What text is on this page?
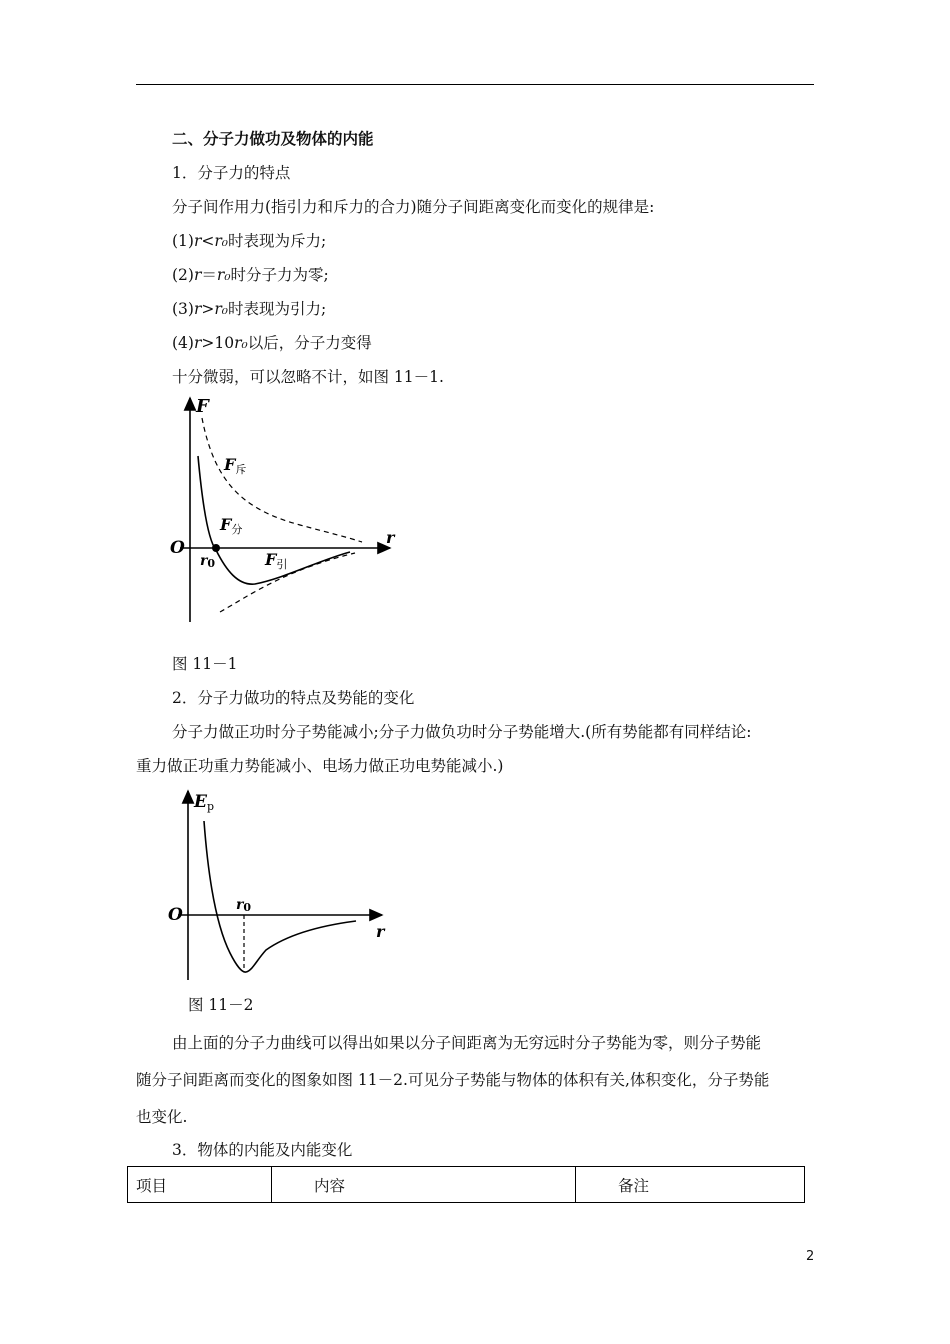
二、分子力做功及物体的内能
1．分子力的特点
分子间作用力(指引力和斥力的合力)随分子间距离变化而变化的规律是:
(1)r<r₀时表现为斥力;
(2)r＝r₀时分子力为零;
(3)r>r₀时表现为引力;
(4)r>10r₀以后，分子力变得
十分微弱，可以忽略不计，如图 11－1.
F
r
O
r0
F斥
F分
F引
图 11－1
2．分子力做功的特点及势能的变化
分子力做正功时分子势能减小;分子力做负功时分子势能增大.(所有势能都有同样结论:
重力做正功重力势能减小、电场力做正功电势能减小.)
Ep
r
O	r0
图 11－2
由上面的分子力曲线可以得出如果以分子间距离为无穷远时分子势能为零，则分子势能
随分子间距离而变化的图象如图 11－2.可见分子势能与物体的体积有关,体积变化，分子势能
也变化.
3．物体的内能及内能变化
项目	内容	备注
2
